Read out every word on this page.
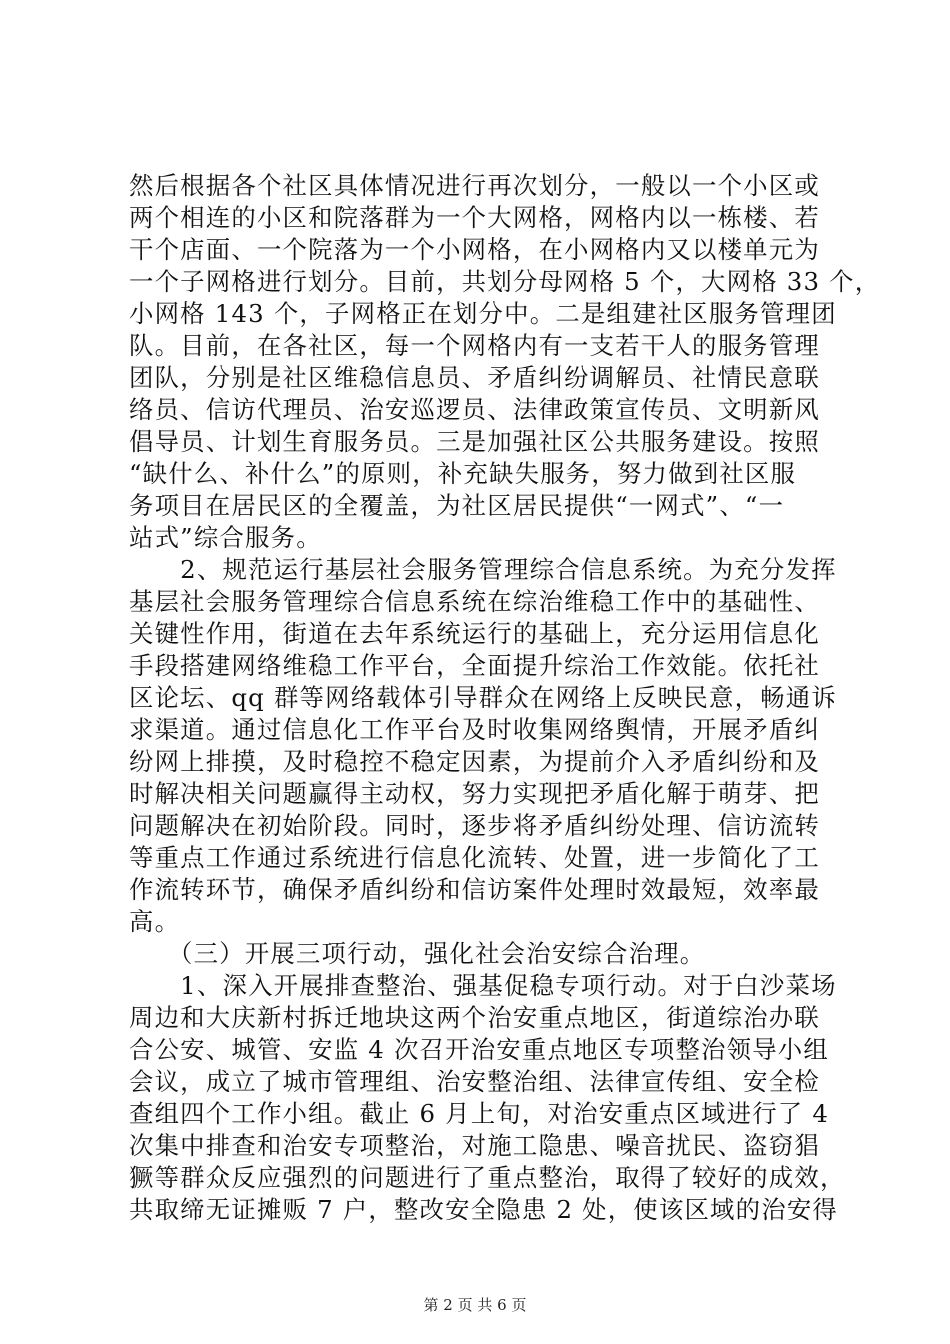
然后根据各个社区具体情况进行再次划分，一般以一个小区或
两个相连的小区和院落群为一个大网格，网格内以一栋楼、若
干个店面、一个院落为一个小网格，在小网格内又以楼单元为
一个子网格进行划分。目前，共划分母网格 5 个，大网格 33 个，
小网格 143 个，子网格正在划分中。二是组建社区服务管理团
队。目前，在各社区，每一个网格内有一支若干人的服务管理
团队，分别是社区维稳信息员、矛盾纠纷调解员、社情民意联
络员、信访代理员、治安巡逻员、法律政策宣传员、文明新风
倡导员、计划生育服务员。三是加强社区公共服务建设。按照
“缺什么、补什么”的原则，补充缺失服务，努力做到社区服
务项目在居民区的全覆盖，为社区居民提供“一网式”、“一
站式”综合服务。
　　2、规范运行基层社会服务管理综合信息系统。为充分发挥
基层社会服务管理综合信息系统在综治维稳工作中的基础性、
关键性作用，街道在去年系统运行的基础上，充分运用信息化
手段搭建网络维稳工作平台，全面提升综治工作效能。依托社
区论坛、qq 群等网络载体引导群众在网络上反映民意，畅通诉
求渠道。通过信息化工作平台及时收集网络舆情，开展矛盾纠
纷网上排摸，及时稳控不稳定因素，为提前介入矛盾纠纷和及
时解决相关问题赢得主动权，努力实现把矛盾化解于萌芽、把
问题解决在初始阶段。同时，逐步将矛盾纠纷处理、信访流转
等重点工作通过系统进行信息化流转、处置，进一步简化了工
作流转环节，确保矛盾纠纷和信访案件处理时效最短，效率最
高。
　　（三）开展三项行动，强化社会治安综合治理。
　　1、深入开展排查整治、强基促稳专项行动。对于白沙菜场
周边和大庆新村拆迁地块这两个治安重点地区，街道综治办联
合公安、城管、安监 4 次召开治安重点地区专项整治领导小组
会议，成立了城市管理组、治安整治组、法律宣传组、安全检
查组四个工作小组。截止 6 月上旬，对治安重点区域进行了 4
次集中排查和治安专项整治，对施工隐患、噪音扰民、盗窃猖
獗等群众反应强烈的问题进行了重点整治，取得了较好的成效，
共取缔无证摊贩 7 户，整改安全隐患 2 处，使该区域的治安得
第 2 页 共 6 页
